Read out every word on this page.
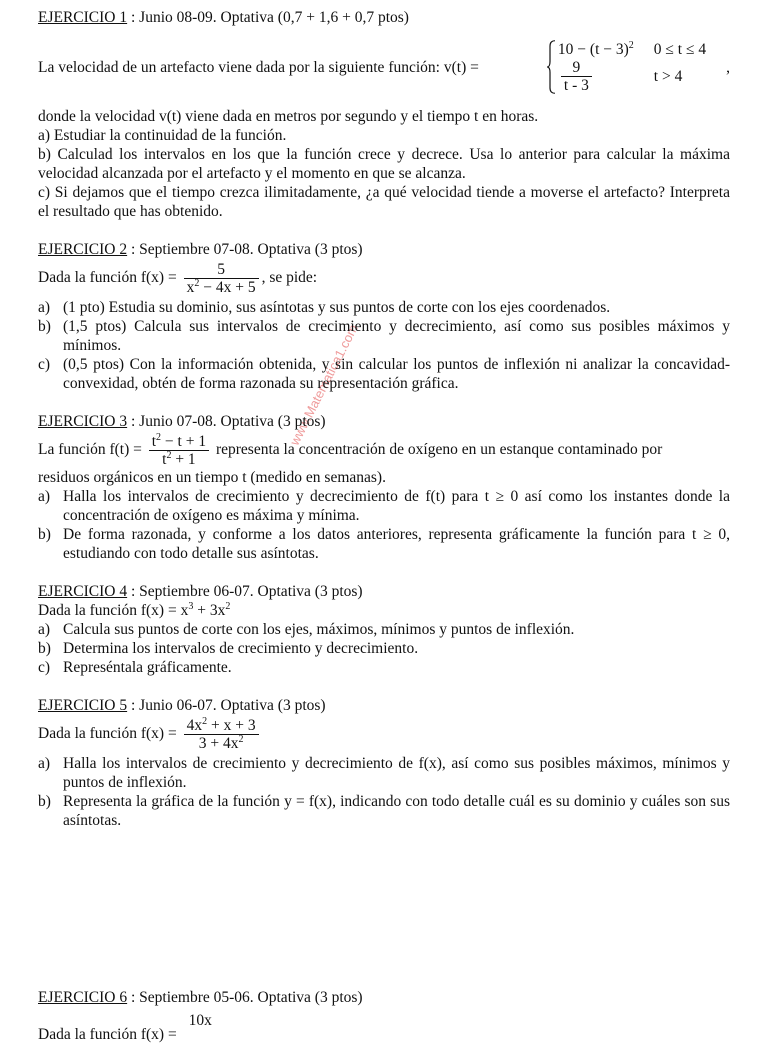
www.Matematica1.com

EJERCICIO 1 : Junio 08-09. Optativa (0,7 + 1,6 + 0,7 ptos)

La velocidad de un artefacto viene dada por la siguiente función: v(t) =
$10 - (t - 3)^2$	0 ≤ t ≤ 4

$\frac{9}{t - 3}$	t > 4
,

donde la velocidad v(t) viene dada en metros por segundo y el tiempo t en horas.

a) Estudiar la continuidad de la función.

b) Calculad los intervalos en los que la función crece y decrece. Usa lo anterior para calcular la máxima velocidad alcanzada por el artefacto y el momento en que se alcanza.

c) Si dejamos que el tiempo crezca ilimitadamente, ¿a qué velocidad tiende a moverse el artefacto? Interpreta el resultado que has obtenido.

EJERCICIO 2 : Septiembre 07-08. Optativa (3 ptos)

Dada la función $f(x) = \frac{5}{x^2 - 4x + 5}$ , se pide:

a) (1 pto) Estudia su dominio, sus asíntotas y sus puntos de corte con los ejes coordenados.
b) (1,5 ptos) Calcula sus intervalos de crecimiento y decrecimiento, así como sus posibles máximos y mínimos.
c) (0,5 ptos) Con la información obtenida, y sin calcular los puntos de inflexión ni analizar la concavidad-convexidad, obtén de forma razonada su representación gráfica.

EJERCICIO 3 : Junio 07-08. Optativa (3 ptos)

La función $f(t) = \frac{t^2 - t + 1}{t^2 + 1}$ representa la concentración de oxígeno en un estanque contaminado por

residuos orgánicos en un tiempo t (medido en semanas).

a) Halla los intervalos de crecimiento y decrecimiento de f(t) para t ≥ 0 así como los instantes donde la concentración de oxígeno es máxima y mínima.
b) De forma razonada, y conforme a los datos anteriores, representa gráficamente la función para t ≥ 0, estudiando con todo detalle sus asíntotas.

EJERCICIO 4 : Septiembre 06-07. Optativa (3 ptos)

Dada la función $f(x) = x^3 + 3x^2$

a) Calcula sus puntos de corte con los ejes, máximos, mínimos y puntos de inflexión.
b) Determina los intervalos de crecimiento y decrecimiento.
c) Represéntala gráficamente.

EJERCICIO 5 : Junio 06-07. Optativa (3 ptos)

Dada la función $f(x) = \frac{4x^2 + x + 3}{3 + 4x^2}$

a) Halla los intervalos de crecimiento y decrecimiento de f(x), así como sus posibles máximos, mínimos y puntos de inflexión.
b) Representa la gráfica de la función y = f(x), indicando con todo detalle cuál es su dominio y cuáles son sus asíntotas.

EJERCICIO 6 : Septiembre 05-06. Optativa (3 ptos)

Dada la función f(x) = 10x
